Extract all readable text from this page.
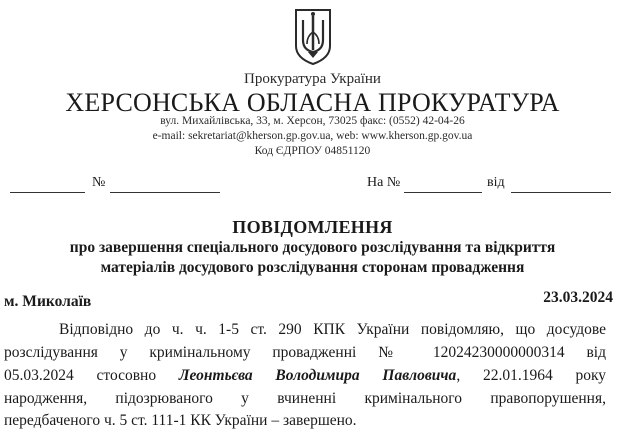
Прокуратура України
ХЕРСОНСЬКА ОБЛАСНА ПРОКУРАТУРА
вул. Михайлівська, 33, м. Херсон, 73025 факс: (0552) 42-04-26
e-mail: sekretariat@kherson.gp.gov.ua, web: www.kherson.gp.gov.ua
Код ЄДРПОУ 04851120
№	На №	від
ПОВІДОМЛЕННЯ
про завершення спеціального досудового розслідування та відкриття
матеріалів досудового розслідування сторонам провадження
м. Миколаїв	23.03.2024
Відповідно до ч. ч. 1-5 ст. 290 КПК України повідомляю, що досудове
розслідування у кримінальному провадженні № 12024230000000314 від
05.03.2024 стосовно Леонтьєва Володимира Павловича, 22.01.1964 року
народження, підозрюваного у вчиненні кримінального правопорушення,
передбаченого ч. 5 ст. 111-1 КК України – завершено.
